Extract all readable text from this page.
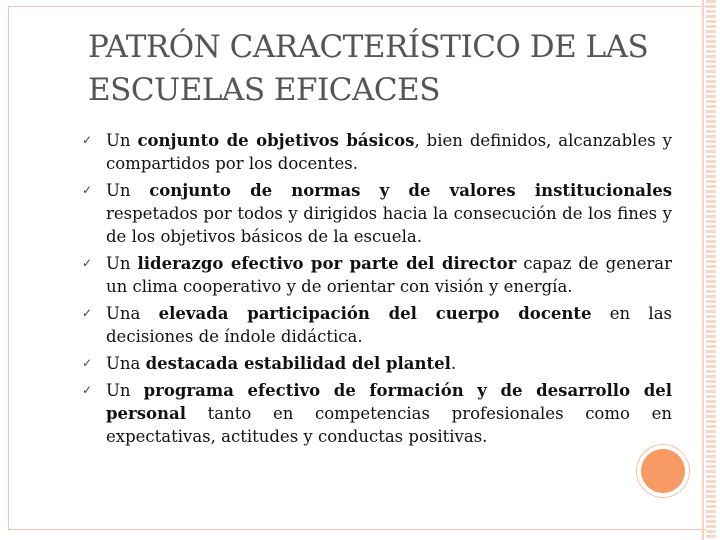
PATRÓN CARACTERÍSTICO DE LAS ESCUELAS EFICACES
✓ Un conjunto de objetivos básicos, bien definidos, alcanzables y compartidos por los docentes.
✓ Un conjunto de normas y de valores institucionales respetados por todos y dirigidos hacia la consecución de los fines y de los objetivos básicos de la escuela.
✓ Un liderazgo efectivo por parte del director capaz de generar un clima cooperativo y de orientar con visión y energía.
✓ Una elevada participación del cuerpo docente en las decisiones de índole didáctica.
✓ Una destacada estabilidad del plantel.
✓ Un programa efectivo de formación y de desarrollo del personal tanto en competencias profesionales como en expectativas, actitudes y conductas positivas.
